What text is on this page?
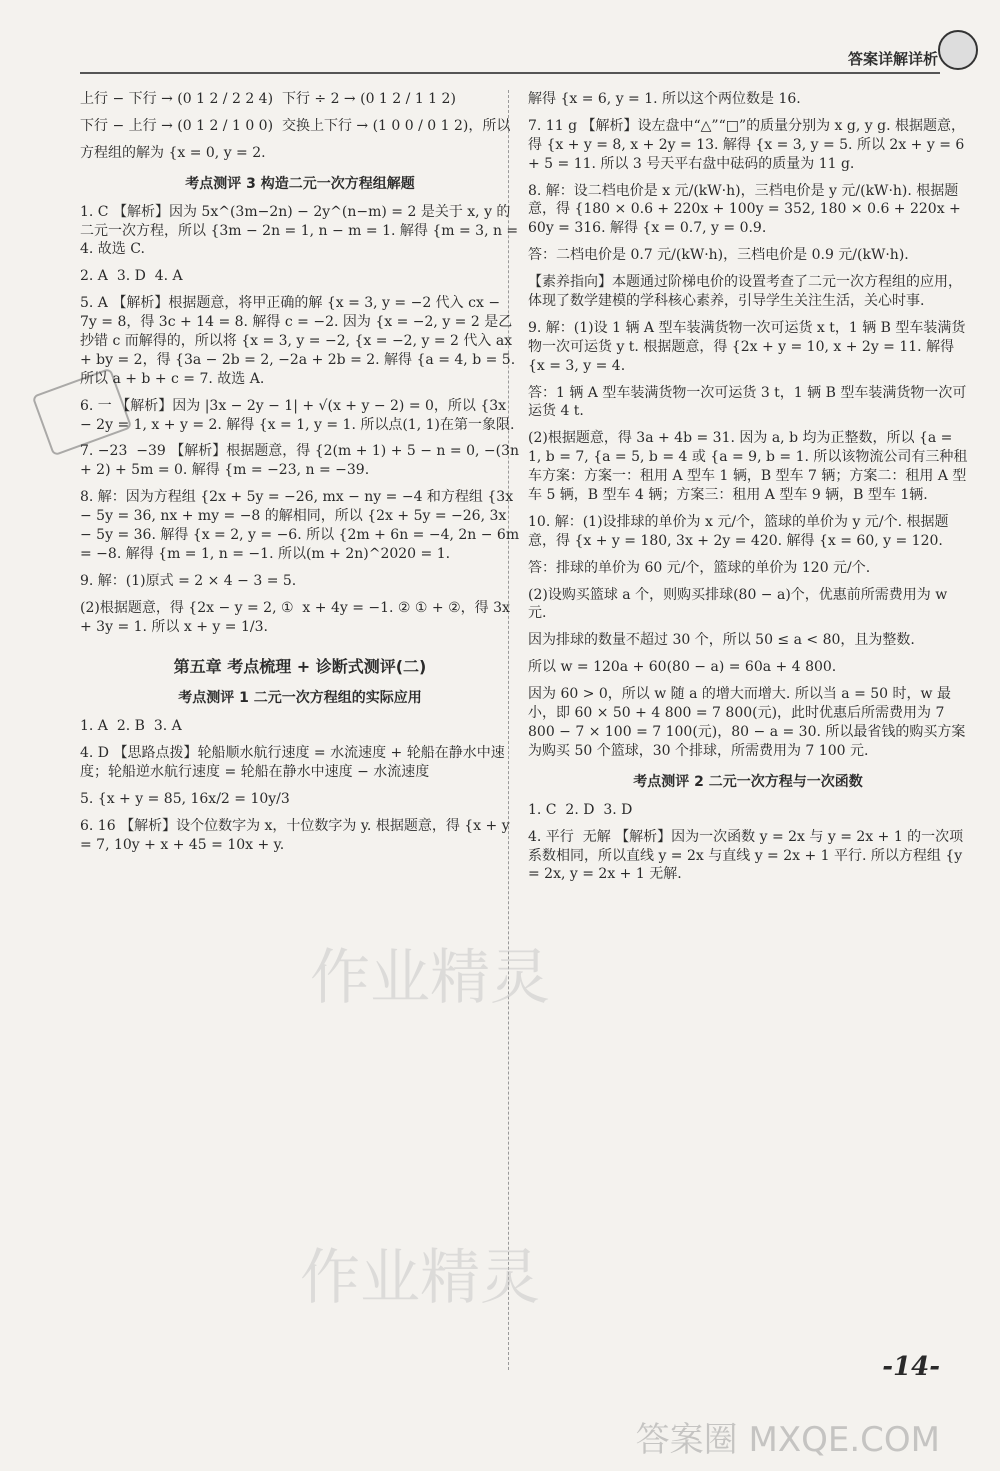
答案详解详析

上行 − 下行 → (0 1 2 / 2 2 4)  下行 ÷ 2 → (0 1 2 / 1 1 2)

下行 − 上行 → (0 1 2 / 1 0 0)  交换上下行 → (1 0 0 / 0 1 2)，所以

方程组的解为 {x = 0, y = 2.

考点测评 3 构造二元一次方程组解题

1. C 【解析】因为 5x^(3m−2n) − 2y^(n−m) = 2 是关于 x, y 的二元一次方程，所以 {3m − 2n = 1, n − m = 1. 解得 {m = 3, n = 4. 故选 C.

2. A  3. D  4. A

5. A 【解析】根据题意，将甲正确的解 {x = 3, y = −2 代入 cx − 7y = 8，得 3c + 14 = 8. 解得 c = −2. 因为 {x = −2, y = 2 是乙抄错 c 而解得的，所以将 {x = 3, y = −2, {x = −2, y = 2 代入 ax + by = 2，得 {3a − 2b = 2, −2a + 2b = 2. 解得 {a = 4, b = 5. 所以 a + b + c = 7. 故选 A.

6. 一 【解析】因为 |3x − 2y − 1| + √(x + y − 2) = 0，所以 {3x − 2y = 1, x + y = 2. 解得 {x = 1, y = 1. 所以点(1, 1)在第一象限.

7. −23  −39 【解析】根据题意，得 {2(m + 1) + 5 − n = 0, −(3n + 2) + 5m = 0. 解得 {m = −23, n = −39.

8. 解：因为方程组 {2x + 5y = −26, mx − ny = −4 和方程组 {3x − 5y = 36, nx + my = −8 的解相同，所以 {2x + 5y = −26, 3x − 5y = 36. 解得 {x = 2, y = −6. 所以 {2m + 6n = −4, 2n − 6m = −8. 解得 {m = 1, n = −1. 所以(m + 2n)^2020 = 1.

9. 解：(1)原式 = 2 × 4 − 3 = 5.

(2)根据题意，得 {2x − y = 2, ①  x + 4y = −1. ② ① + ②，得 3x + 3y = 1. 所以 x + y = 1/3.

第五章 考点梳理 + 诊断式测评(二)

考点测评 1 二元一次方程组的实际应用

1. A  2. B  3. A

4. D 【思路点拨】轮船顺水航行速度 = 水流速度 + 轮船在静水中速度；轮船逆水航行速度 = 轮船在静水中速度 − 水流速度

5. {x + y = 85, 16x/2 = 10y/3

6. 16 【解析】设个位数字为 x，十位数字为 y. 根据题意，得 {x + y = 7, 10y + x + 45 = 10x + y.

解得 {x = 6, y = 1. 所以这个两位数是 16.

7. 11 g 【解析】设左盘中“△”“□”的质量分别为 x g, y g. 根据题意，得 {x + y = 8, x + 2y = 13. 解得 {x = 3, y = 5. 所以 2x + y = 6 + 5 = 11. 所以 3 号天平右盘中砝码的质量为 11 g.

8. 解：设二档电价是 x 元/(kW·h)，三档电价是 y 元/(kW·h). 根据题意，得 {180 × 0.6 + 220x + 100y = 352, 180 × 0.6 + 220x + 60y = 316. 解得 {x = 0.7, y = 0.9.

答：二档电价是 0.7 元/(kW·h)，三档电价是 0.9 元/(kW·h).

【素养指向】本题通过阶梯电价的设置考查了二元一次方程组的应用，体现了数学建模的学科核心素养，引导学生关注生活，关心时事.

9. 解：(1)设 1 辆 A 型车装满货物一次可运货 x t，1 辆 B 型车装满货物一次可运货 y t. 根据题意，得 {2x + y = 10, x + 2y = 11. 解得 {x = 3, y = 4.

答：1 辆 A 型车装满货物一次可运货 3 t，1 辆 B 型车装满货物一次可运货 4 t.

(2)根据题意，得 3a + 4b = 31. 因为 a, b 均为正整数，所以 {a = 1, b = 7, {a = 5, b = 4 或 {a = 9, b = 1. 所以该物流公司有三种租车方案：方案一：租用 A 型车 1 辆，B 型车 7 辆；方案二：租用 A 型车 5 辆，B 型车 4 辆；方案三：租用 A 型车 9 辆，B 型车 1辆.

10. 解：(1)设排球的单价为 x 元/个，篮球的单价为 y 元/个. 根据题意，得 {x + y = 180, 3x + 2y = 420. 解得 {x = 60, y = 120.

答：排球的单价为 60 元/个，篮球的单价为 120 元/个.

(2)设购买篮球 a 个，则购买排球(80 − a)个，优惠前所需费用为 w 元.

因为排球的数量不超过 30 个，所以 50 ≤ a < 80，且为整数.

所以 w = 120a + 60(80 − a) = 60a + 4 800.

因为 60 > 0，所以 w 随 a 的增大而增大. 所以当 a = 50 时，w 最小，即 60 × 50 + 4 800 = 7 800(元)，此时优惠后所需费用为 7 800 − 7 × 100 = 7 100(元)，80 − a = 30. 所以最省钱的购买方案为购买 50 个篮球，30 个排球，所需费用为 7 100 元.

考点测评 2 二元一次方程与一次函数

1. C  2. D  3. D

4. 平行  无解 【解析】因为一次函数 y = 2x 与 y = 2x + 1 的一次项系数相同，所以直线 y = 2x 与直线 y = 2x + 1 平行. 所以方程组 {y = 2x, y = 2x + 1 无解.

作业精灵
作业精灵
-14-
答案圈 MXQE.COM
